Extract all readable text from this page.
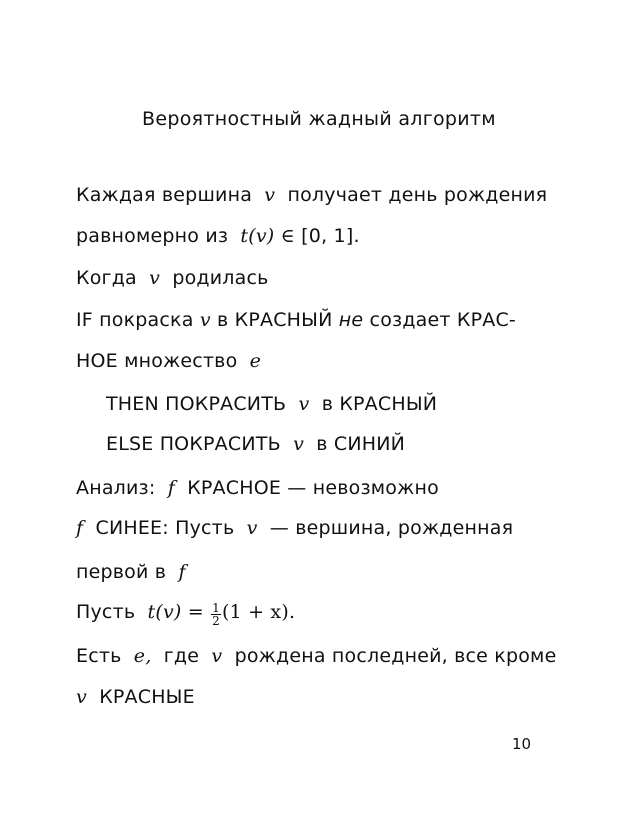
Вероятностный жадный алгоритм
Каждая вершина v получает день рождения
равномерно из t(v) ∈ [0, 1].
Когда v родилась
IF покраска v в КРАСНЫЙ не создает КРАС-
НОЕ множество e
THEN ПОКРАСИТЬ v в КРАСНЫЙ
ELSE ПОКРАСИТЬ v в СИНИЙ
Анализ: f КРАСНОЕ — невозможно
f СИНЕЕ: Пусть v — вершина, рожденная
первой в f
Пусть $t(v) = \frac{1}{2} (1 + x)$.
Есть e, где v рождена последней, все кроме
v КРАСНЫЕ
10
